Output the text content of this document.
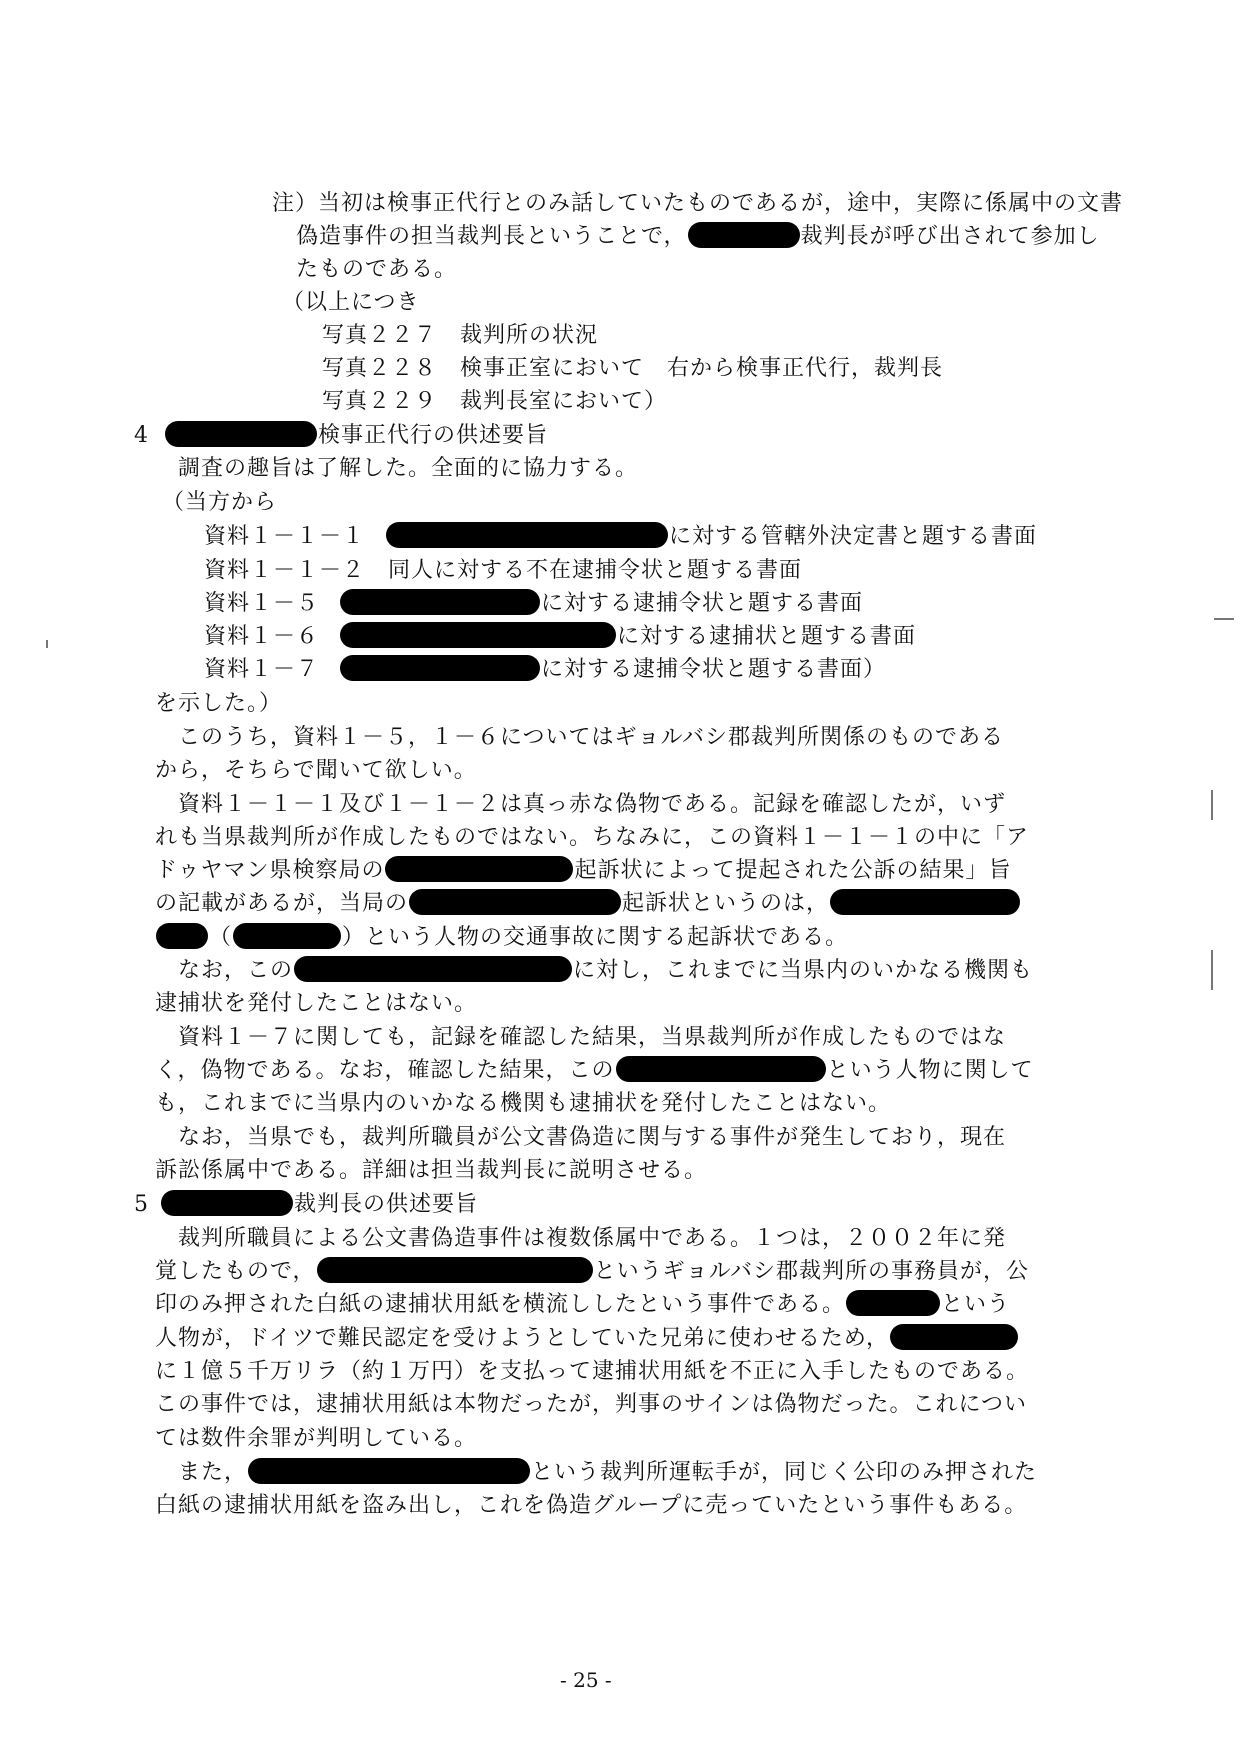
注）当初は検事正代行とのみ話していたものであるが，途中，実際に係属中の文書
偽造事件の担当裁判長ということで，	裁判長が呼び出されて参加し
たものである。
（以上につき
写真２２７　裁判所の状況
写真２２８　検事正室において　右から検事正代行，裁判長
写真２２９　裁判長室において）
4	検事正代行の供述要旨
調査の趣旨は了解した。全面的に協力する。
（当方から
資料１－１－１	に対する管轄外決定書と題する書面
資料１－１－２　同人に対する不在逮捕令状と題する書面
資料１－５	に対する逮捕令状と題する書面
資料１－６	に対する逮捕状と題する書面
資料１－７	に対する逮捕令状と題する書面）
を示した。）
このうち，資料１－５，１－６についてはギョルバシ郡裁判所関係のものである
から，そちらで聞いて欲しい。
資料１－１－１及び１－１－２は真っ赤な偽物である。記録を確認したが，いず
れも当県裁判所が作成したものではない。ちなみに，この資料１－１－１の中に「ア
ドゥヤマン県検察局の	起訴状によって提起された公訴の結果」旨
の記載があるが，当局の	起訴状というのは，
（	）という人物の交通事故に関する起訴状である。
なお，この	に対し，これまでに当県内のいかなる機関も
逮捕状を発付したことはない。
資料１－７に関しても，記録を確認した結果，当県裁判所が作成したものではな
く，偽物である。なお，確認した結果，この	という人物に関して
も，これまでに当県内のいかなる機関も逮捕状を発付したことはない。
なお，当県でも，裁判所職員が公文書偽造に関与する事件が発生しており，現在
訴訟係属中である。詳細は担当裁判長に説明させる。
5	裁判長の供述要旨
裁判所職員による公文書偽造事件は複数係属中である。１つは，２００２年に発
覚したもので，	というギョルバシ郡裁判所の事務員が，公
印のみ押された白紙の逮捕状用紙を横流ししたという事件である。	という
人物が，ドイツで難民認定を受けようとしていた兄弟に使わせるため，
に１億５千万リラ（約１万円）を支払って逮捕状用紙を不正に入手したものである。
この事件では，逮捕状用紙は本物だったが，判事のサインは偽物だった。これについ
ては数件余罪が判明している。
また，	という裁判所運転手が，同じく公印のみ押された
白紙の逮捕状用紙を盗み出し，これを偽造グループに売っていたという事件もある。
- 25 -
